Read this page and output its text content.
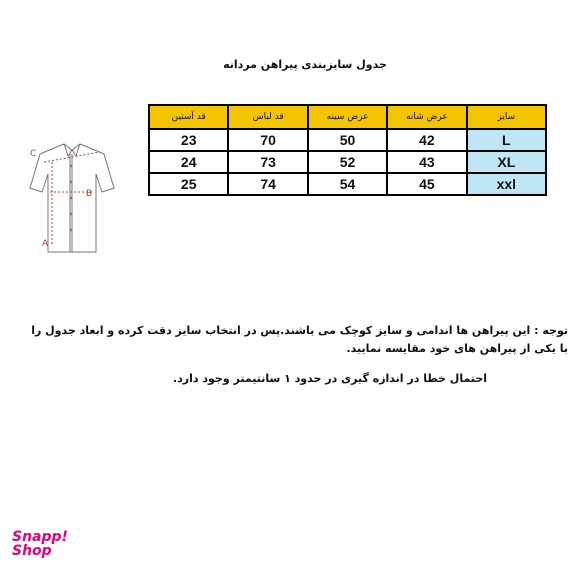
جدول سایزبندی پیراهن مردانه
سایز	عرض شانه	عرض سینه	قد لباس	قد آستین
L	42	50	70	23
XL	43	52	73	24
xxl	45	54	74	25
C
B
A
توجه : این پیراهن ها اندامی و سایز کوچک می باشند.پس در انتخاب سایز دقت کرده و ابعاد جدول را با یکی از پیراهن های خود مقایسه نمایید.
احتمال خطا در اندازه گیری در حدود ۱ سانتیمتر وجود دارد.
Snapp!
Shop
